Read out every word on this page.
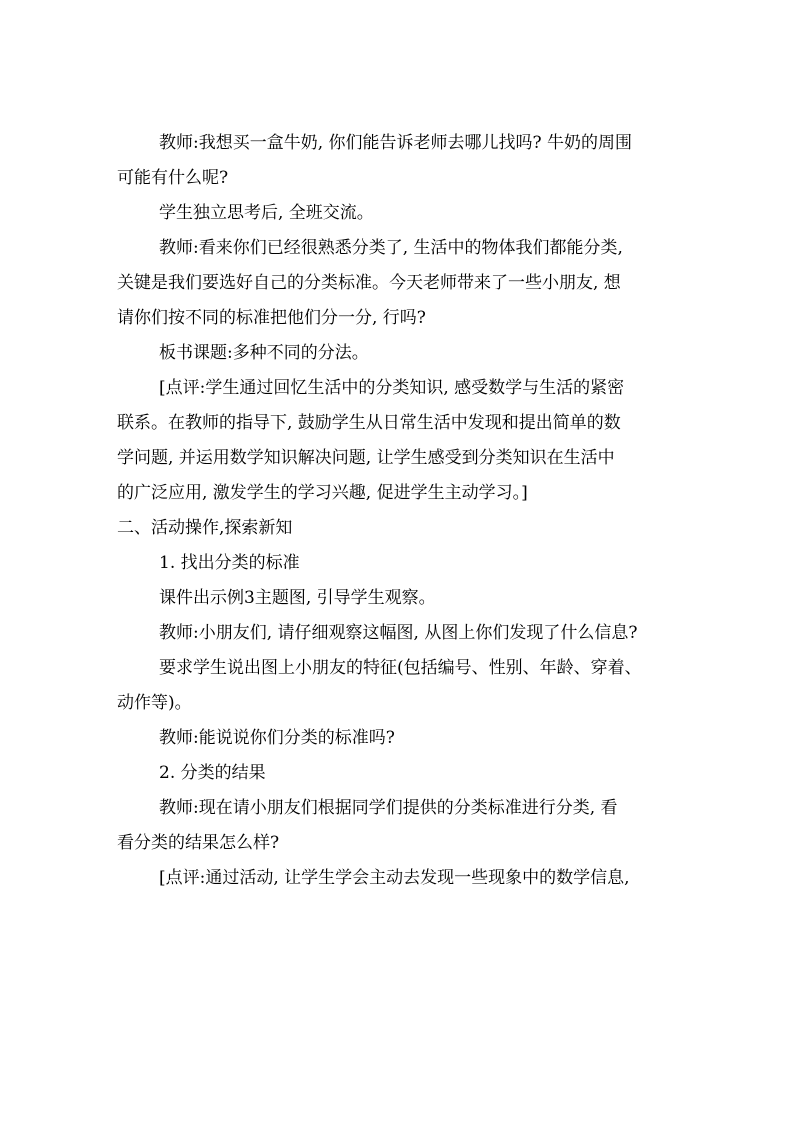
教师:我想买一盒牛奶, 你们能告诉老师去哪儿找吗? 牛奶的周围
可能有什么呢?
学生独立思考后, 全班交流。
教师:看来你们已经很熟悉分类了, 生活中的物体我们都能分类,
关键是我们要选好自己的分类标准。今天老师带来了一些小朋友, 想
请你们按不同的标准把他们分一分, 行吗?
板书课题:多种不同的分法。
[点评:学生通过回忆生活中的分类知识, 感受数学与生活的紧密
联系。在教师的指导下, 鼓励学生从日常生活中发现和提出简单的数
学问题, 并运用数学知识解决问题, 让学生感受到分类知识在生活中
的广泛应用, 激发学生的学习兴趣, 促进学生主动学习。]
二、活动操作,探索新知
1. 找出分类的标准
课件出示例3主题图, 引导学生观察。
教师:小朋友们, 请仔细观察这幅图, 从图上你们发现了什么信息?
要求学生说出图上小朋友的特征(包括编号、性别、年龄、穿着、
动作等)。
教师:能说说你们分类的标准吗?
2. 分类的结果
教师:现在请小朋友们根据同学们提供的分类标准进行分类, 看
看分类的结果怎么样?
[点评:通过活动, 让学生学会主动去发现一些现象中的数学信息,
